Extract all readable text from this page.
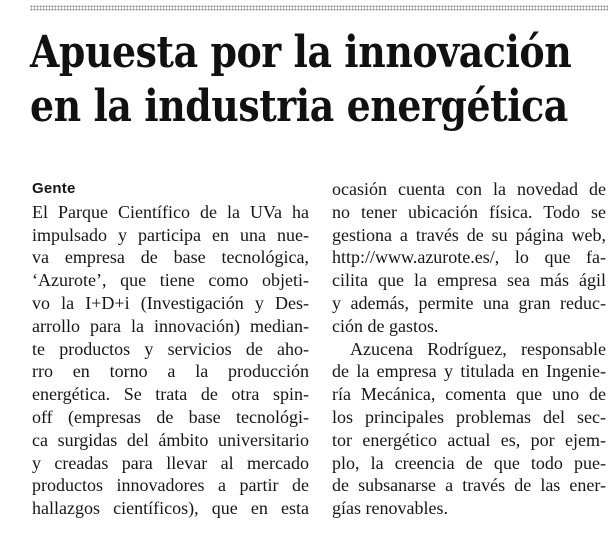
Apuesta por la innovación
en la industria energética
Gente
El Parque Científico de la UVa ha
impulsado y participa en una nue-
va empresa de base tecnológica,
‘Azurote’, que tiene como objeti-
vo la I+D+i (Investigación y Des-
arrollo para la innovación) median-
te productos y servicios de aho-
rro en torno a la producción
energética. Se trata de otra spin-
off (empresas de base tecnológi-
ca surgidas del ámbito universitario
y creadas para llevar al mercado
productos innovadores a partir de
hallazgos científicos), que en esta
ocasión cuenta con la novedad de
no tener ubicación física. Todo se
gestiona a través de su página web,
http://www.azurote.es/, lo que fa-
cilita que la empresa sea más ágil
y además, permite una gran reduc-
ción de gastos.
Azucena Rodríguez, responsable
de la empresa y titulada en Ingenie-
ría Mecánica, comenta que uno de
los principales problemas del sec-
tor energético actual es, por ejem-
plo, la creencia de que todo pue-
de subsanarse a través de las ener-
gías renovables.
